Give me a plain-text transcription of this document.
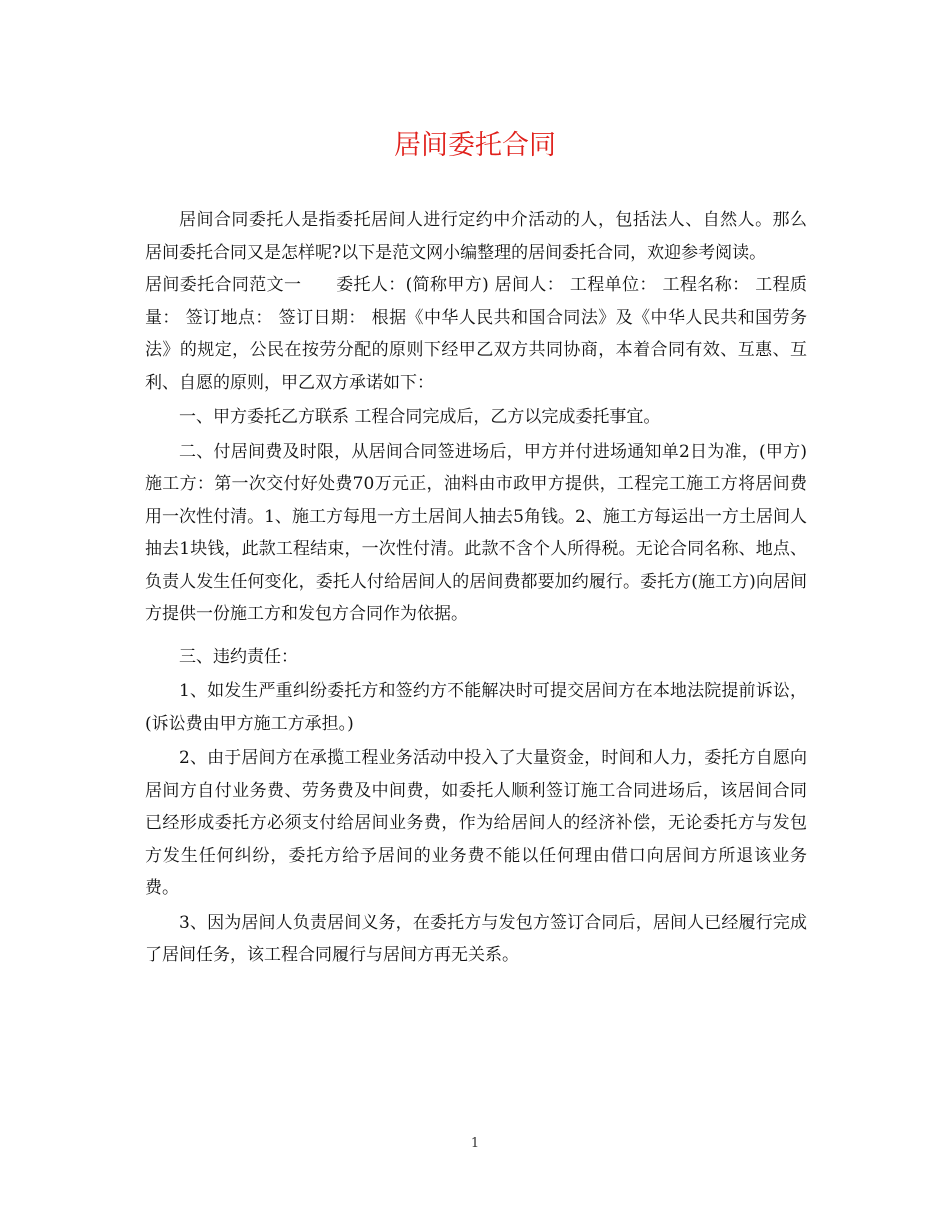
居间委托合同

居间合同委托人是指委托居间人进行定约中介活动的人，包括法人、自然人。那么居间委托合同又是怎样呢?以下是范文网小编整理的居间委托合同，欢迎参考阅读。

居间委托合同范文一　　委托人：(简称甲方) 居间人： 工程单位： 工程名称： 工程质量： 签订地点： 签订日期： 根据《中华人民共和国合同法》及《中华人民共和国劳务法》的规定，公民在按劳分配的原则下经甲乙双方共同协商，本着合同有效、互惠、互利、自愿的原则，甲乙双方承诺如下：

一、甲方委托乙方联系 工程合同完成后，乙方以完成委托事宜。

二、付居间费及时限，从居间合同签进场后，甲方并付进场通知单2日为准，(甲方)施工方：第一次交付好处费70万元正，油料由市政甲方提供，工程完工施工方将居间费用一次性付清。1、施工方每甩一方土居间人抽去5角钱。2、施工方每运出一方土居间人抽去1块钱，此款工程结束，一次性付清。此款不含个人所得税。无论合同名称、地点、负责人发生任何变化，委托人付给居间人的居间费都要加约履行。委托方(施工方)向居间方提供一份施工方和发包方合同作为依据。

三、违约责任：

1、如发生严重纠纷委托方和签约方不能解决时可提交居间方在本地法院提前诉讼，(诉讼费由甲方施工方承担。)

2、由于居间方在承揽工程业务活动中投入了大量资金，时间和人力，委托方自愿向居间方自付业务费、劳务费及中间费，如委托人顺利签订施工合同进场后，该居间合同已经形成委托方必须支付给居间业务费，作为给居间人的经济补偿，无论委托方与发包方发生任何纠纷，委托方给予居间的业务费不能以任何理由借口向居间方所退该业务费。

3、因为居间人负责居间义务，在委托方与发包方签订合同后，居间人已经履行完成了居间任务，该工程合同履行与居间方再无关系。

1
